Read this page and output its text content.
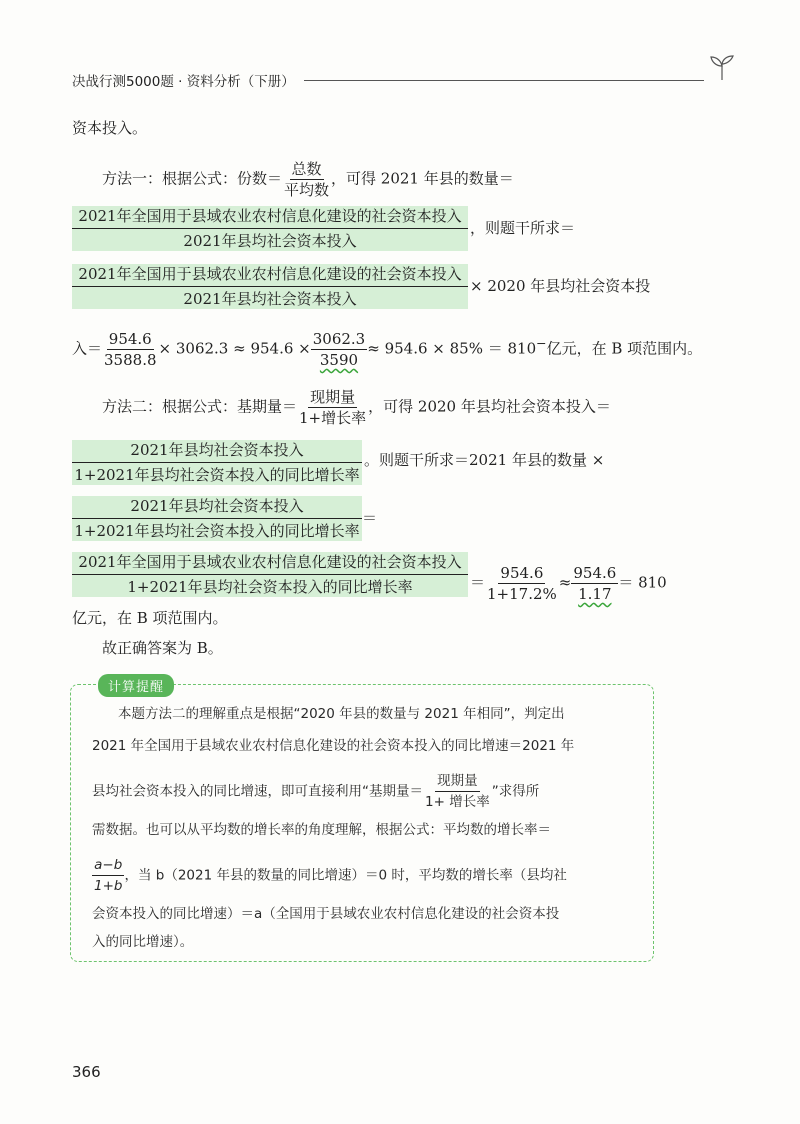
决战行测5000题 · 资料分析（下册）
资本投入。
方法一：根据公式：份数＝ $\frac{\text{总数}}{\text{平均数}}$ ，可得 2021 年县的数量＝
2021年全国用于县域农业农村信息化建设的社会资本投入
2021年县均社会资本投入
，则题干所求＝
2021年全国用于县域农业农村信息化建设的社会资本投入
2021年县均社会资本投入
× 2020 年县均社会资本投
入＝ $\frac{954.6}{3588.8} \times 3062.3 \approx 954.6 \times \frac{3062.3}{3590} \approx 954.6 \times 85\% = 810^-$亿元，在 B 项范围内。
方法二：根据公式：基期量＝ $\frac{\text{现期量}}{\text{1+增长率}}$ ，可得 2020 年县均社会资本投入＝
2021年县均社会资本投入
1+2021年县均社会资本投入的同比增长率
。则题干所求＝2021 年县的数量 ×
2021年县均社会资本投入
1+2021年县均社会资本投入的同比增长率
＝
2021年全国用于县域农业农村信息化建设的社会资本投入
1+2021年县均社会资本投入的同比增长率	＝ $\frac{954.6}{1+17.2\%} \approx \frac{954.6}{1.17} = 810$
亿元，在 B 项范围内。
故正确答案为 B。
计算提醒
本题方法二的理解重点是根据“2020 年县的数量与 2021 年相同”，判定出
2021 年全国用于县域农业农村信息化建设的社会资本投入的同比增速＝2021 年
县均社会资本投入的同比增速，即可直接利用“基期量＝ $\frac{\text{现期量}}{\text{1+ 增长率}}$ ”求得所
需数据。也可以从平均数的增长率的角度理解，根据公式：平均数的增长率＝
$\frac{a-b}{1+b}$ ，当 b（2021 年县的数量的同比增速）＝0 时，平均数的增长率（县均社
会资本投入的同比增速）＝a（全国用于县域农业农村信息化建设的社会资本投
入的同比增速）。
366
